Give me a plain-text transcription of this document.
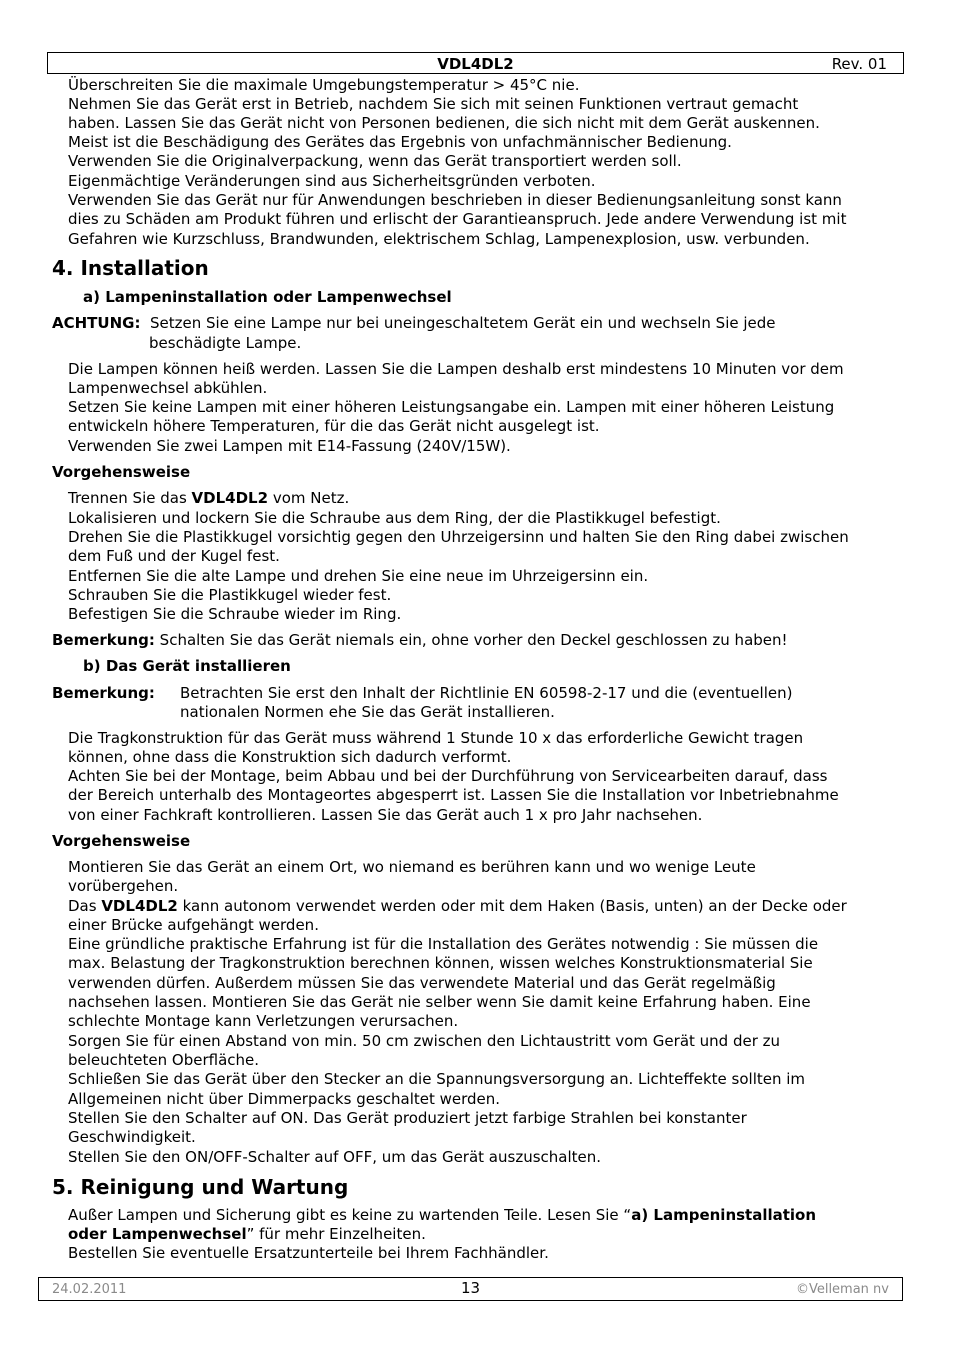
VDL4DL2	Rev. 01
Überschreiten Sie die maximale Umgebungstemperatur > 45°C nie.
Nehmen Sie das Gerät erst in Betrieb, nachdem Sie sich mit seinen Funktionen vertraut gemacht
haben. Lassen Sie das Gerät nicht von Personen bedienen, die sich nicht mit dem Gerät auskennen.
Meist ist die Beschädigung des Gerätes das Ergebnis von unfachmännischer Bedienung.
Verwenden Sie die Originalverpackung, wenn das Gerät transportiert werden soll.
Eigenmächtige Veränderungen sind aus Sicherheitsgründen verboten.
Verwenden Sie das Gerät nur für Anwendungen beschrieben in dieser Bedienungsanleitung sonst kann
dies zu Schäden am Produkt führen und erlischt der Garantieanspruch. Jede andere Verwendung ist mit
Gefahren wie Kurzschluss, Brandwunden, elektrischem Schlag, Lampenexplosion, usw. verbunden.
4. Installation
a) Lampeninstallation oder Lampenwechsel
ACHTUNG: Setzen Sie eine Lampe nur bei uneingeschaltetem Gerät ein und wechseln Sie jede
beschädigte Lampe.
Die Lampen können heiß werden. Lassen Sie die Lampen deshalb erst mindestens 10 Minuten vor dem
Lampenwechsel abkühlen.
Setzen Sie keine Lampen mit einer höheren Leistungsangabe ein. Lampen mit einer höheren Leistung
entwickeln höhere Temperaturen, für die das Gerät nicht ausgelegt ist.
Verwenden Sie zwei Lampen mit E14-Fassung (240V/15W).
Vorgehensweise
Trennen Sie das VDL4DL2 vom Netz.
Lokalisieren und lockern Sie die Schraube aus dem Ring, der die Plastikkugel befestigt.
Drehen Sie die Plastikkugel vorsichtig gegen den Uhrzeigersinn und halten Sie den Ring dabei zwischen
dem Fuß und der Kugel fest.
Entfernen Sie die alte Lampe und drehen Sie eine neue im Uhrzeigersinn ein.
Schrauben Sie die Plastikkugel wieder fest.
Befestigen Sie die Schraube wieder im Ring.
Bemerkung: Schalten Sie das Gerät niemals ein, ohne vorher den Deckel geschlossen zu haben!
b) Das Gerät installieren
Bemerkung: Betrachten Sie erst den Inhalt der Richtlinie EN 60598-2-17 und die (eventuellen)
nationalen Normen ehe Sie das Gerät installieren.
Die Tragkonstruktion für das Gerät muss während 1 Stunde 10 x das erforderliche Gewicht tragen
können, ohne dass die Konstruktion sich dadurch verformt.
Achten Sie bei der Montage, beim Abbau und bei der Durchführung von Servicearbeiten darauf, dass
der Bereich unterhalb des Montageortes abgesperrt ist. Lassen Sie die Installation vor Inbetriebnahme
von einer Fachkraft kontrollieren. Lassen Sie das Gerät auch 1 x pro Jahr nachsehen.
Vorgehensweise
Montieren Sie das Gerät an einem Ort, wo niemand es berühren kann und wo wenige Leute
vorübergehen.
Das VDL4DL2 kann autonom verwendet werden oder mit dem Haken (Basis, unten) an der Decke oder
einer Brücke aufgehängt werden.
Eine gründliche praktische Erfahrung ist für die Installation des Gerätes notwendig : Sie müssen die
max. Belastung der Tragkonstruktion berechnen können, wissen welches Konstruktionsmaterial Sie
verwenden dürfen. Außerdem müssen Sie das verwendete Material und das Gerät regelmäßig
nachsehen lassen. Montieren Sie das Gerät nie selber wenn Sie damit keine Erfahrung haben. Eine
schlechte Montage kann Verletzungen verursachen.
Sorgen Sie für einen Abstand von min. 50 cm zwischen den Lichtaustritt vom Gerät und der zu
beleuchteten Oberfläche.
Schließen Sie das Gerät über den Stecker an die Spannungsversorgung an. Lichteffekte sollten im
Allgemeinen nicht über Dimmerpacks geschaltet werden.
Stellen Sie den Schalter auf ON. Das Gerät produziert jetzt farbige Strahlen bei konstanter
Geschwindigkeit.
Stellen Sie den ON/OFF-Schalter auf OFF, um das Gerät auszuschalten.
5. Reinigung und Wartung
Außer Lampen und Sicherung gibt es keine zu wartenden Teile. Lesen Sie “a) Lampeninstallation
oder Lampenwechsel” für mehr Einzelheiten.
Bestellen Sie eventuelle Ersatzunterteile bei Ihrem Fachhändler.
24.02.2011	13	©Velleman nv
